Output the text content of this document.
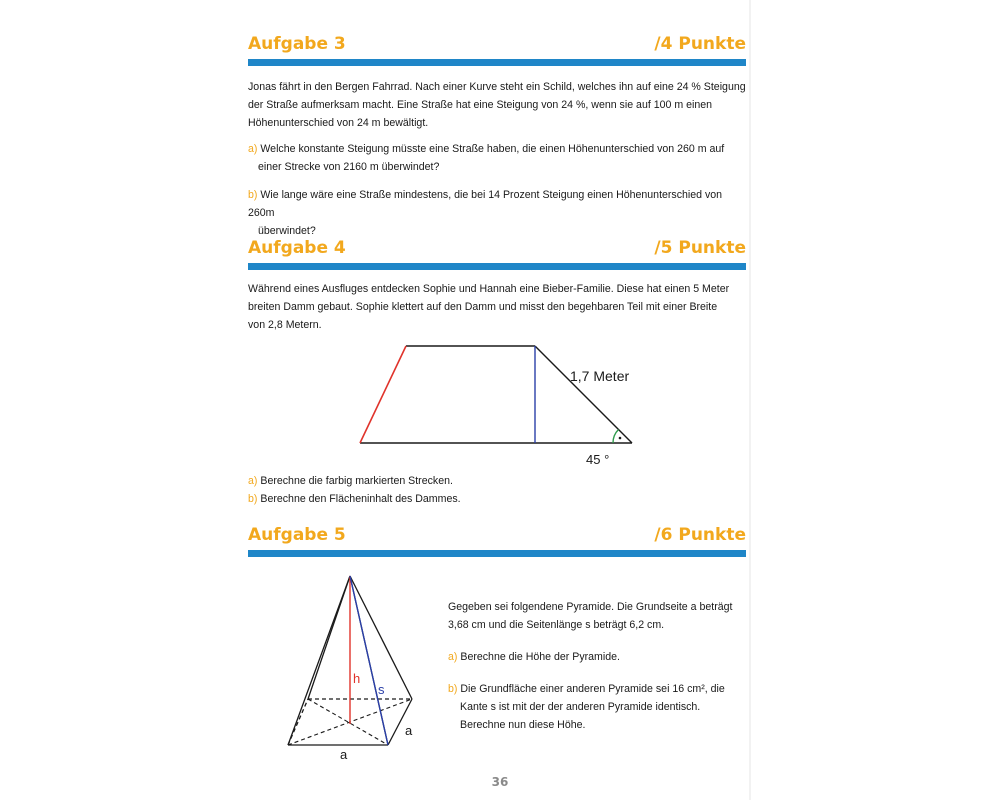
Aufgabe 3	/4 Punkte
Jonas fährt in den Bergen Fahrrad. Nach einer Kurve steht ein Schild, welches ihn auf eine 24 % Steigung
der Straße aufmerksam macht. Eine Straße hat eine Steigung von 24 %, wenn sie auf 100 m einen
Höhenunterschied von 24 m bewältigt.
a) Welche konstante Steigung müsste eine Straße haben, die einen Höhenunterschied von 260 m auf
einer Strecke von 2160 m überwindet?
b) Wie lange wäre eine Straße mindestens, die bei 14 Prozent Steigung einen Höhenunterschied von 260m
überwindet?
Aufgabe 4	/5 Punkte
Während eines Ausfluges entdecken Sophie und Hannah eine Bieber-Familie. Diese hat einen 5 Meter
breiten Damm gebaut. Sophie klettert auf den Damm und misst den begehbaren Teil mit einer Breite
von 2,8 Metern.
1,7 Meter
45 °
a) Berechne die farbig markierten Strecken.
b) Berechne den Flächeninhalt des Dammes.
Aufgabe 5	/6 Punkte
h
s
a
a
Gegeben sei folgendene Pyramide. Die Grundseite a beträgt
3,68 cm und die Seitenlänge s beträgt 6,2 cm.
a) Berechne die Höhe der Pyramide.
b) Die Grundfläche einer anderen Pyramide sei 16 cm², die
Kante s ist mit der der anderen Pyramide identisch.
Berechne nun diese Höhe.
36
